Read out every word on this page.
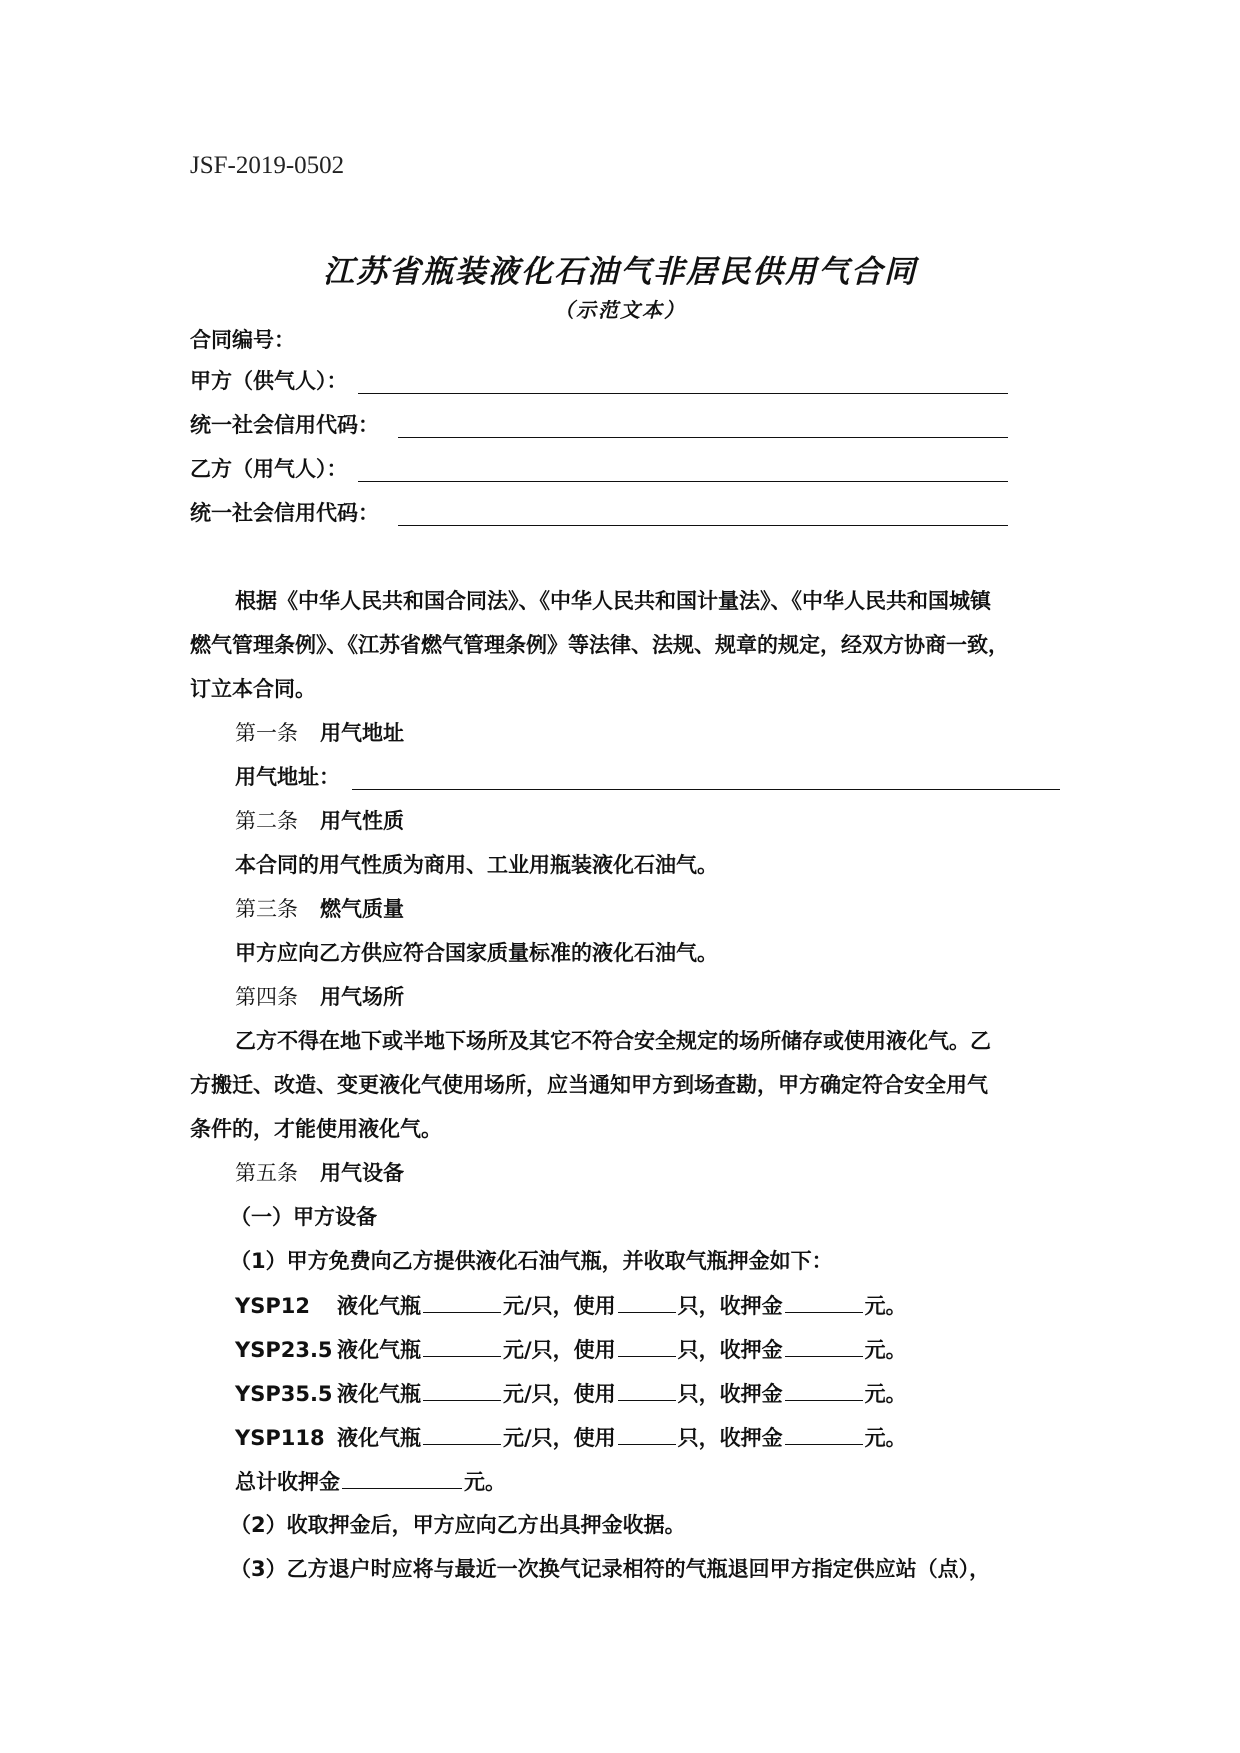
JSF-2019-0502
江苏省瓶装液化石油气非居民供用气合同
（示范文本）
合同编号：
甲方（供气人）：
统一社会信用代码：
乙方（用气人）：
统一社会信用代码：
根据《中华人民共和国合同法》、《中华人民共和国计量法》、《中华人民共和国城镇
燃气管理条例》、《江苏省燃气管理条例》等法律、法规、规章的规定，经双方协商一致，
订立本合同。
第一条 用气地址
用气地址：
第二条 用气性质
本合同的用气性质为商用、工业用瓶装液化石油气。
第三条 燃气质量
甲方应向乙方供应符合国家质量标准的液化石油气。
第四条 用气场所
乙方不得在地下或半地下场所及其它不符合安全规定的场所储存或使用液化气。乙
方搬迁、改造、变更液化气使用场所，应当通知甲方到场查勘，甲方确定符合安全用气
条件的，才能使用液化气。
第五条 用气设备
（一）甲方设备
（1）甲方免费向乙方提供液化石油气瓶，并收取气瓶押金如下：
YSP12 液化气瓶	元/只，使用	只，收押金	元。
YSP23.5 液化气瓶	元/只，使用	只，收押金	元。
YSP35.5 液化气瓶	元/只，使用	只，收押金	元。
YSP118 液化气瓶	元/只，使用	只，收押金	元。
总计收押金	元。
（2）收取押金后，甲方应向乙方出具押金收据。
（3）乙方退户时应将与最近一次换气记录相符的气瓶退回甲方指定供应站（点），
